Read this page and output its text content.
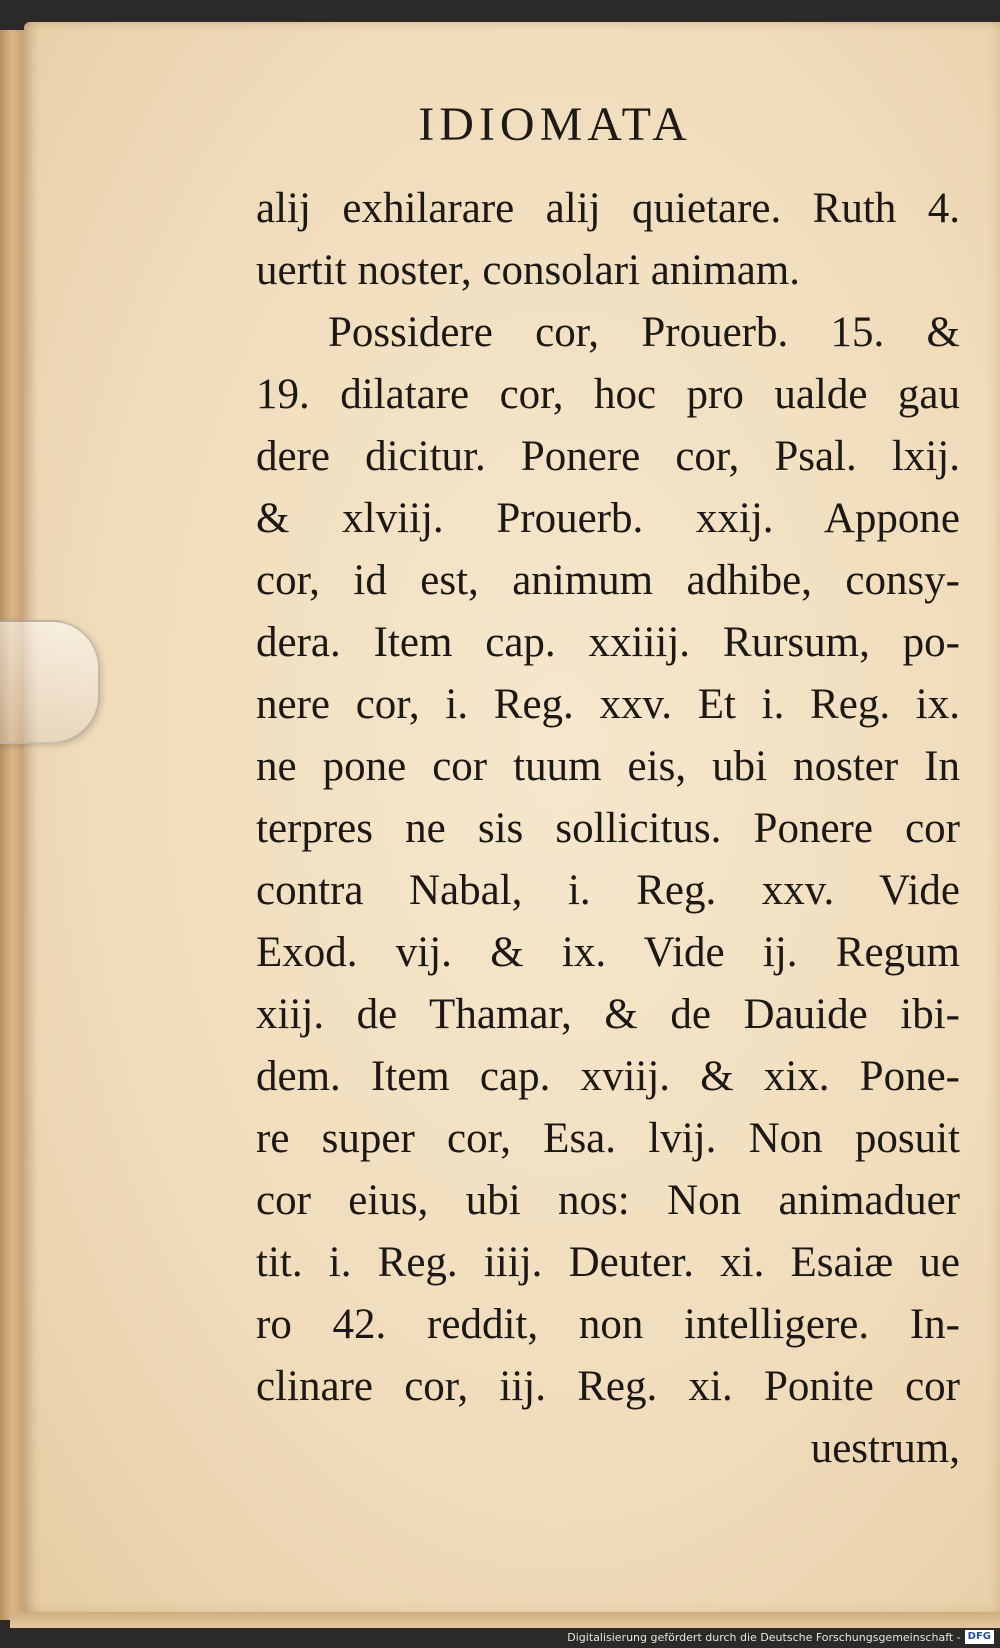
IDIOMATA
alij exhilarare alij quietare. Ruth 4.
uertit noster, consolari animam.
Possidere cor, Prouerb. 15. &
19. dilatare cor, hoc pro ualde gau
dere dicitur. Ponere cor, Psal. lxij.
& xlviij. Prouerb. xxij. Appone
cor, id est, animum adhibe, consy-
dera. Item cap. xxiiij. Rursum, po-
nere cor, i. Reg. xxv. Et i. Reg. ix.
ne pone cor tuum eis, ubi noster In
terpres ne sis sollicitus. Ponere cor
contra Nabal, i. Reg. xxv. Vide
Exod. vij. & ix. Vide ij. Regum
xiij. de Thamar, & de Dauide ibi-
dem. Item cap. xviij. & xix. Pone-
re super cor, Esa. lvij. Non posuit
cor eius, ubi nos: Non animaduer
tit. i. Reg. iiij. Deuter. xi. Esaiæ ue
ro 42. reddit, non intelligere. In-
clinare cor, iij. Reg. xi. Ponite cor
uestrum,
Digitalisierung gefördert durch die Deutsche Forschungsgemeinschaft - DFG
